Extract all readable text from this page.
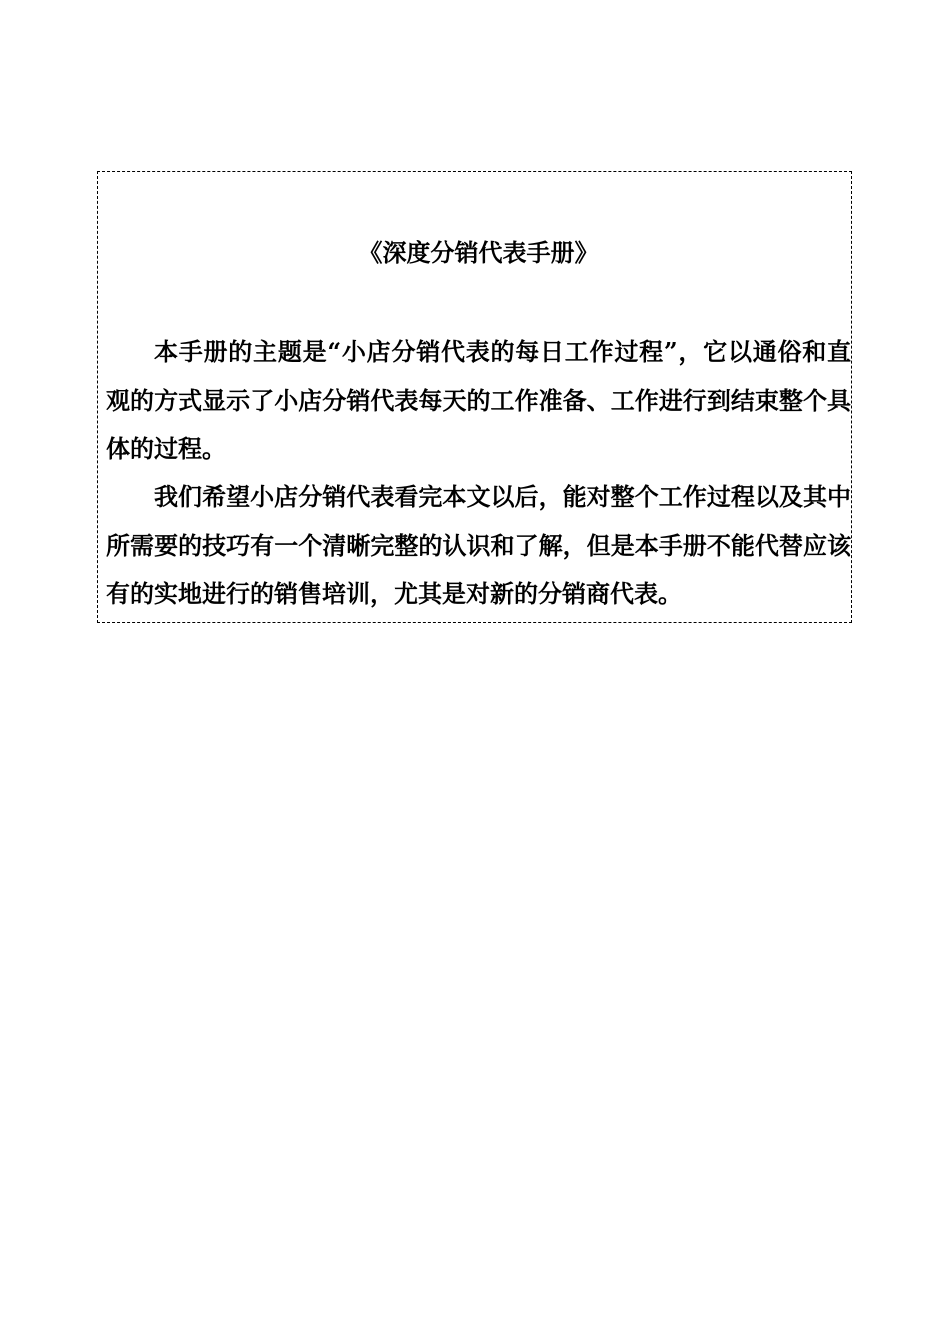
《深度分销代表手册》

本手册的主题是“小店分销代表的每日工作过程”，它以通俗和直观的方式显示了小店分销代表每天的工作准备、工作进行到结束整个具体的过程。

我们希望小店分销代表看完本文以后，能对整个工作过程以及其中所需要的技巧有一个清晰完整的认识和了解，但是本手册不能代替应该有的实地进行的销售培训，尤其是对新的分销商代表。
